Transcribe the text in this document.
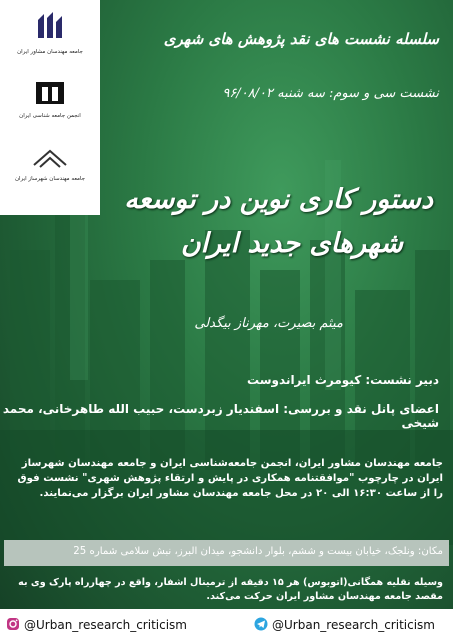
جامعه مهندسان مشاور ایران
انجمن جامعه شناسی ایران
جامعه مهندسان شهرساز ایران
سلسله نشست های نقد پژوهش های شهری
نشست سی و سوم: سه شنبه ۹۶/۰۸/۰۲
دستور کاری نوین در توسعه
شهرهای جدید ایران
میثم بصیرت، مهرناز بیگدلی
دبیر نشست: کیومرث ایراندوست
اعضای پانل نقد و بررسی: اسفندیار زبردست، حبیب الله طاهرخانی، محمد شیخی
جامعه مهندسان مشاور ایران، انجمن جامعه‌شناسی ایران و جامعه مهندسان شهرساز ایران در چارچوب "موافقتنامه همکاری در پایش و ارتقاء پژوهش شهری" نشست فوق را از ساعت ۱۶:۳۰ الی ۲۰ در محل جامعه مهندسان مشاور ایران برگزار می‌نمایند.
مکان: ونلجک، خیابان بیست و ششم، بلوار دانشجو، میدان البرز، نبش سلامی شماره 25
وسیله نقلیه همگانی(اتوبوس) هر ۱۵ دقیقه از ترمینال اشفار، واقع در چهارراه پارک وی به مقصد جامعه مهندسان مشاور ایران حرکت می‌کند.
@Urban_research_criticism	@Urban_research_criticism
